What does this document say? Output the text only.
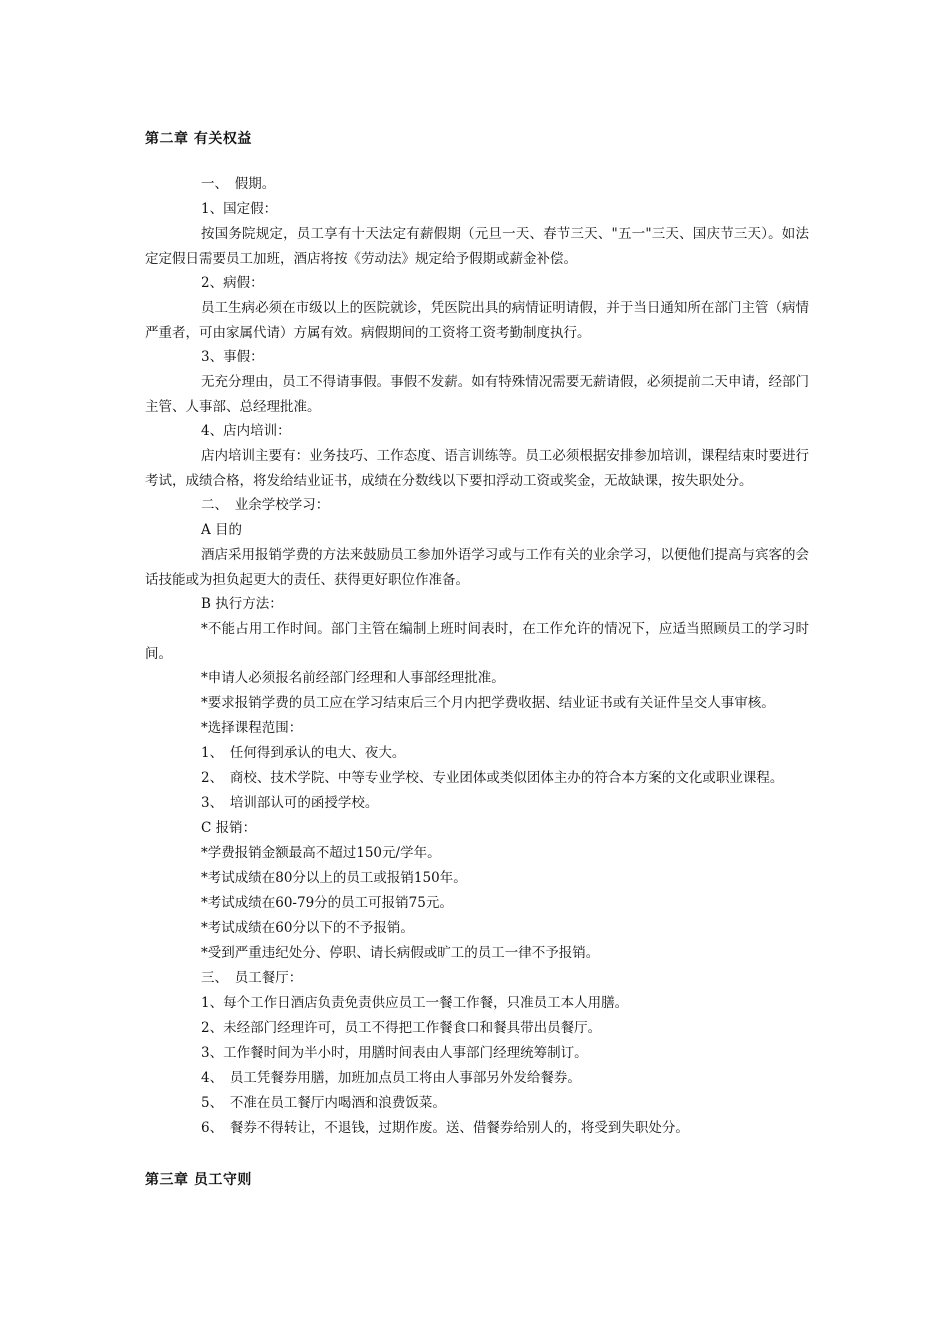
第二章 有关权益

一、　假期。

1、国定假：

按国务院规定，员工享有十天法定有薪假期（元旦一天、春节三天、"五一"三天、国庆节三天）。如法定定假日需要员工加班，酒店将按《劳动法》规定给予假期或薪金补偿。

2、病假：

员工生病必须在市级以上的医院就诊，凭医院出具的病情证明请假，并于当日通知所在部门主管（病情严重者，可由家属代请）方属有效。病假期间的工资将工资考勤制度执行。

3、事假：

无充分理由，员工不得请事假。事假不发薪。如有特殊情况需要无薪请假，必须提前二天申请，经部门主管、人事部、总经理批准。

4、店内培训：

店内培训主要有：业务技巧、工作态度、语言训练等。员工必须根据安排参加培训，课程结束时要进行考试，成绩合格，将发给结业证书，成绩在分数线以下要扣浮动工资或奖金，无故缺课，按失职处分。

二、　业余学校学习：

A 目的

酒店采用报销学费的方法来鼓励员工参加外语学习或与工作有关的业余学习，以便他们提高与宾客的会话技能或为担负起更大的责任、获得更好职位作准备。

B 执行方法：

*不能占用工作时间。部门主管在编制上班时间表时，在工作允许的情况下，应适当照顾员工的学习时间。

*申请人必须报名前经部门经理和人事部经理批准。

*要求报销学费的员工应在学习结束后三个月内把学费收据、结业证书或有关证件呈交人事审核。

*选择课程范围：

1、　任何得到承认的电大、夜大。

2、　商校、技术学院、中等专业学校、专业团体或类似团体主办的符合本方案的文化或职业课程。

3、　培训部认可的函授学校。

C 报销：

*学费报销金额最高不超过150元/学年。

*考试成绩在80分以上的员工或报销150年。

*考试成绩在60-79分的员工可报销75元。

*考试成绩在60分以下的不予报销。

*受到严重违纪处分、停职、请长病假或旷工的员工一律不予报销。

三、　员工餐厅：

1、每个工作日酒店负责免责供应员工一餐工作餐，只准员工本人用膳。

2、未经部门经理许可，员工不得把工作餐食口和餐具带出员餐厅。

3、工作餐时间为半小时，用膳时间表由人事部门经理统筹制订。

4、　员工凭餐券用膳，加班加点员工将由人事部另外发给餐券。

5、　不准在员工餐厅内喝酒和浪费饭菜。

6、　餐券不得转让，不退钱，过期作废。送、借餐券给别人的，将受到失职处分。

第三章 员工守则
